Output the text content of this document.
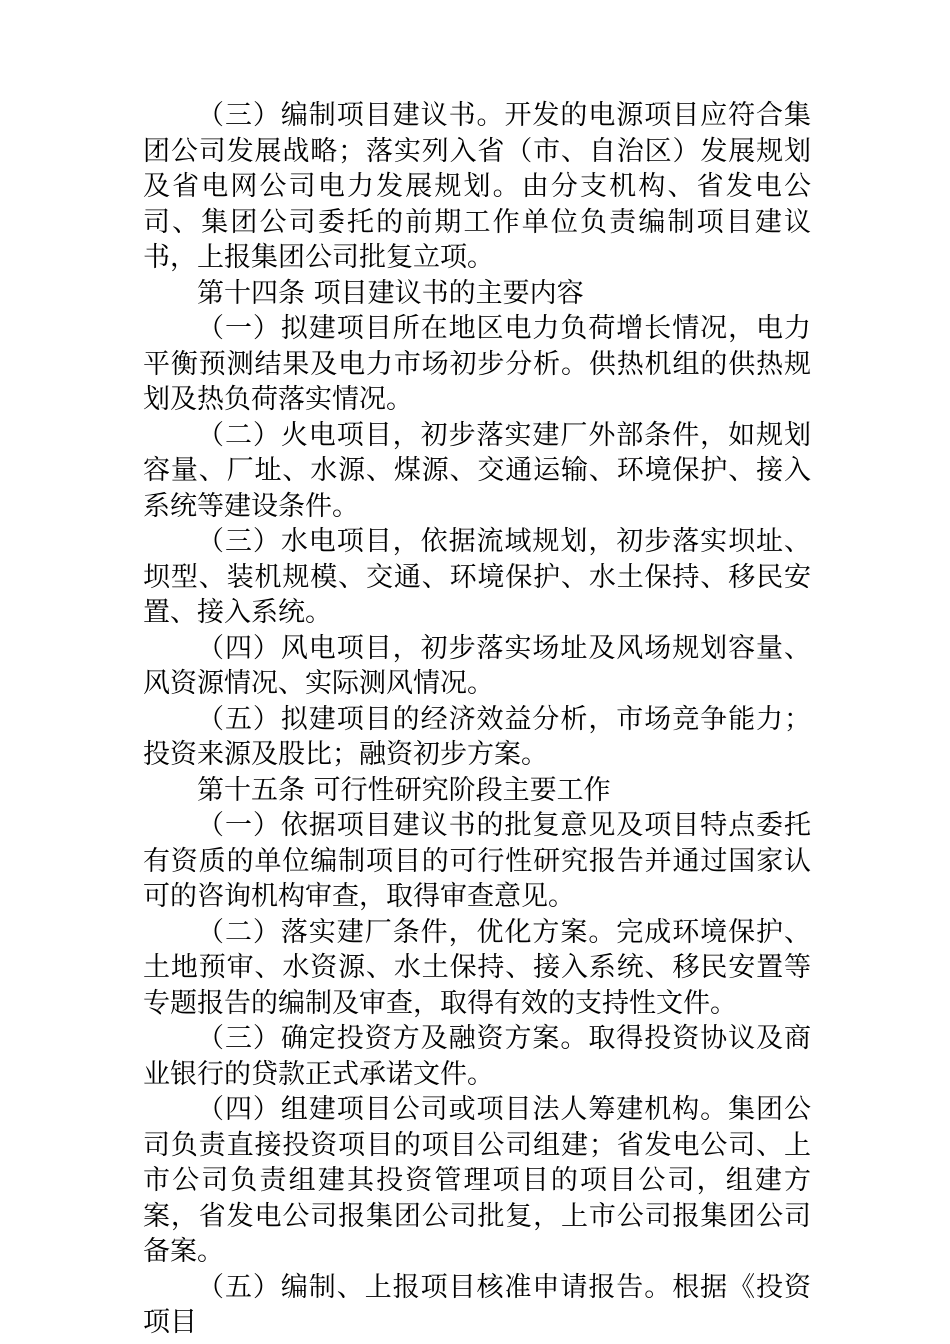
（三）编制项目建议书。开发的电源项目应符合集团公司发展战略；落实列入省（市、自治区）发展规划及省电网公司电力发展规划。由分支机构、省发电公司、集团公司委托的前期工作单位负责编制项目建议书，上报集团公司批复立项。

第十四条 项目建议书的主要内容

（一）拟建项目所在地区电力负荷增长情况，电力平衡预测结果及电力市场初步分析。供热机组的供热规划及热负荷落实情况。

（二）火电项目，初步落实建厂外部条件，如规划容量、厂址、水源、煤源、交通运输、环境保护、接入系统等建设条件。

（三）水电项目，依据流域规划，初步落实坝址、坝型、装机规模、交通、环境保护、水土保持、移民安置、接入系统。

（四）风电项目，初步落实场址及风场规划容量、风资源情况、实际测风情况。

（五）拟建项目的经济效益分析，市场竞争能力；投资来源及股比；融资初步方案。

第十五条 可行性研究阶段主要工作

（一）依据项目建议书的批复意见及项目特点委托有资质的单位编制项目的可行性研究报告并通过国家认可的咨询机构审查，取得审查意见。

（二）落实建厂条件，优化方案。完成环境保护、土地预审、水资源、水土保持、接入系统、移民安置等专题报告的编制及审查，取得有效的支持性文件。

（三）确定投资方及融资方案。取得投资协议及商业银行的贷款正式承诺文件。

（四）组建项目公司或项目法人筹建机构。集团公司负责直接投资项目的项目公司组建；省发电公司、上市公司负责组建其投资管理项目的项目公司，组建方案，省发电公司报集团公司批复，上市公司报集团公司备案。

（五）编制、上报项目核准申请报告。根据《投资项目
